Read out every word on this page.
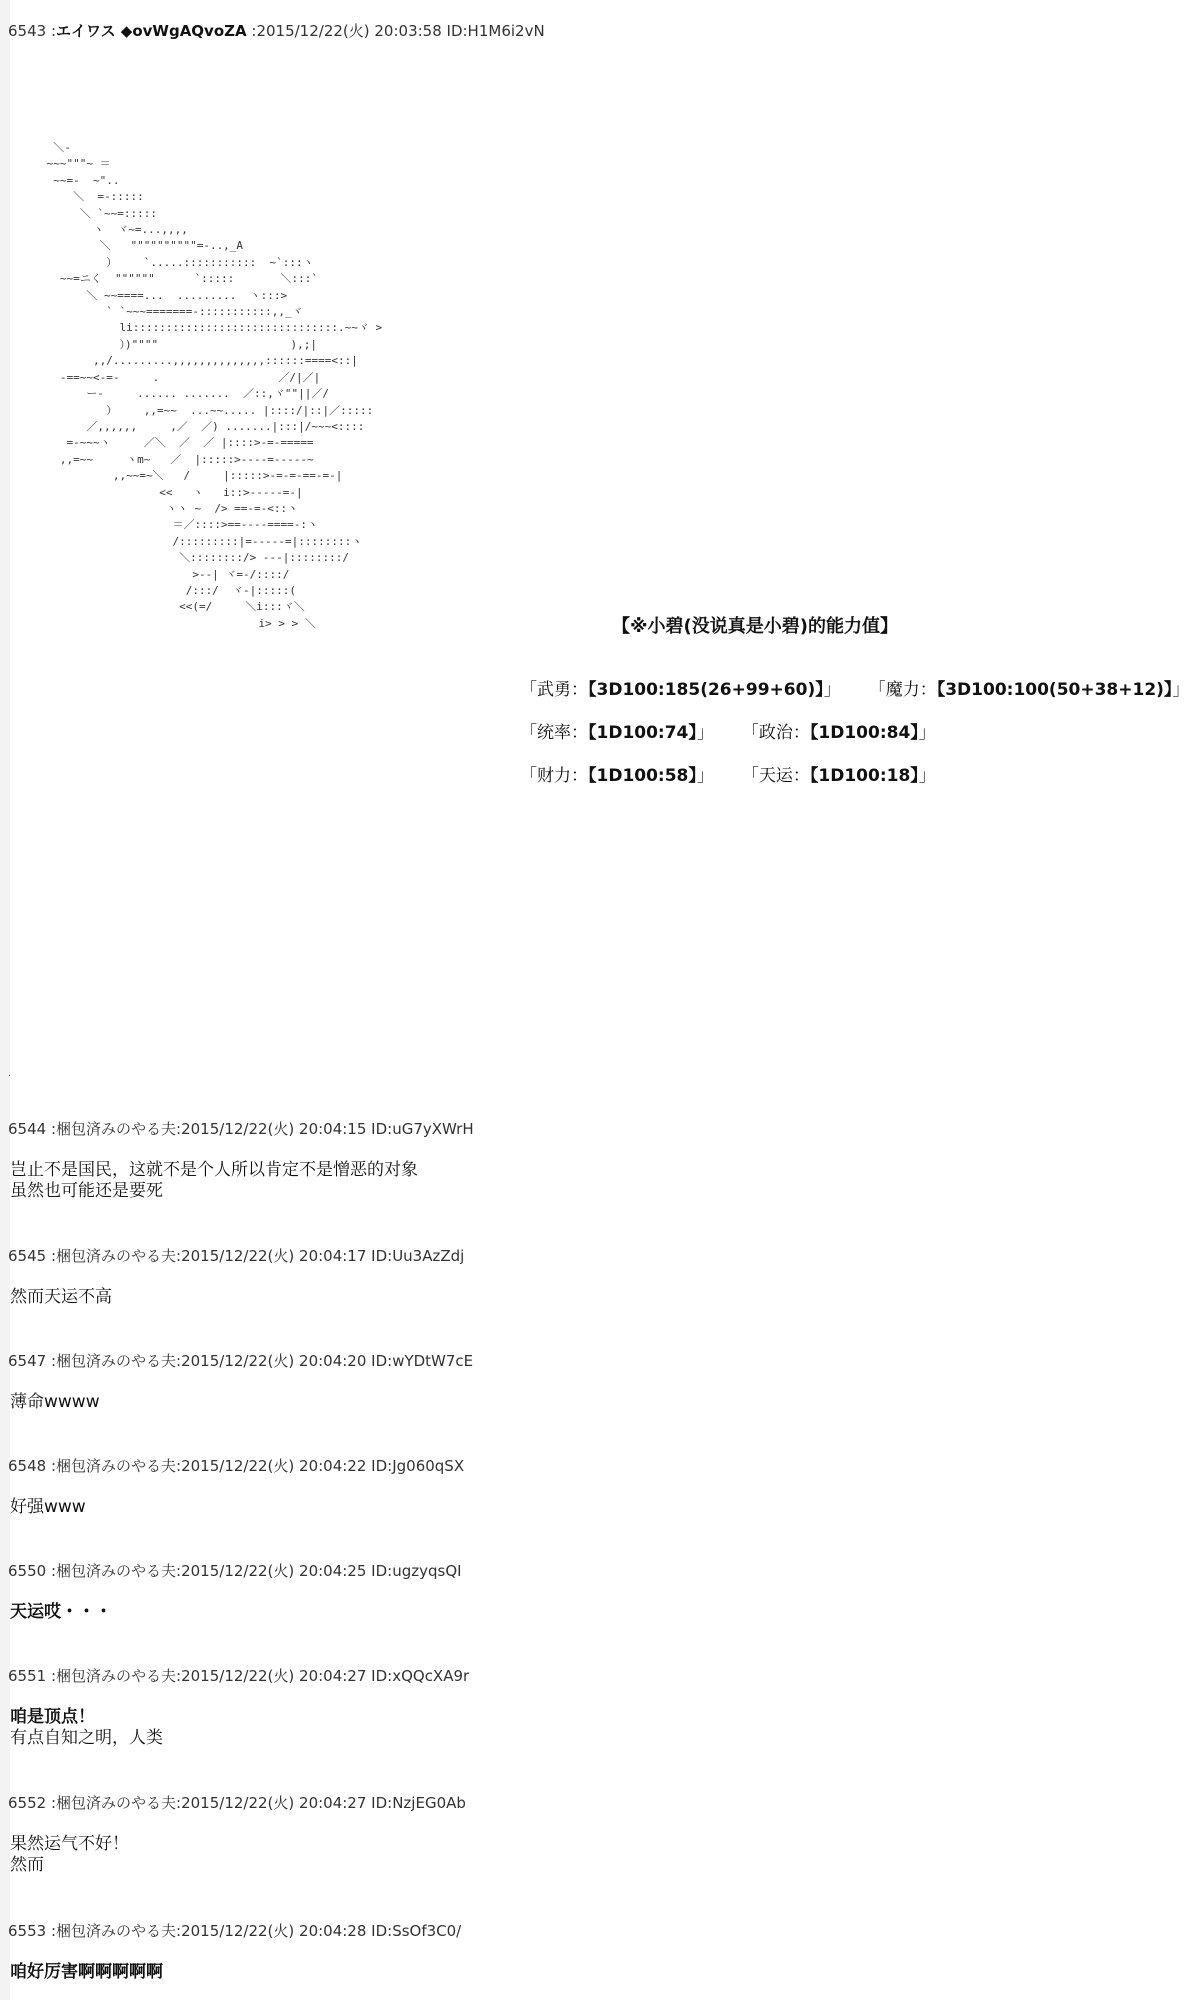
6543 :エイワス ◆ovWgAQvoZA :2015/12/22(火) 20:03:58 ID:H1M6i2vN
＼-
~~~"""~ ＝
~~=-  ~"..
＼  =-:::::
＼ `~~=:::::
ヽ  ヾ~=...,,,,
＼   """"""""""=-..,_A
）    `.....:::::::::::  ~`:::ヽ
~~=ニく  """"""      `:::::       ＼:::`
＼ ~~====...  .........  ヽ:::>
` `~~~=======-:::::::::::,,_ヾ
li:::::::::::::::::::::::::::::::.~~ヾ >
）)""""                    ),;|
,,/.........,,,,,,,,,,,,,,::::::====<::|
-==~~<-=-     .                  ／/|／|
ー‐     ...... .......  ／::,ヾ""||／/
）    ,,=~~  ...~~..... |::::/|::|／:::::
／,,,,,,     ,／  ／) .......|:::|/~~~<::::
=-~~~ヽ     ／＼  ／  ／ |::::>-=-=====
,,=~~     ヽm~   ／  |:::::>----=-----~
,,~~=~＼   /     |:::::>-=-=-==-=-|
<<   ヽ   i::>-----=-|
ヽヽ ~  /> ==-=-<::ヽ
＝／::::>==----====-:ヽ
/:::::::::|=-----=|::::::::ヽ
＼::::::::/> ---|::::::::/
>--| ヾ=-/::::/
/:::/  ヾ‐|:::::(
<<(=/     ＼i:::ヾ＼
i> > > ＼	【※小碧(没说真是小碧)的能力值】
「武勇：【3D100:185(26+99+60)】」 「魔力：【3D100:100(50+38+12)】」
「统率：【1D100:74】」 「政治：【1D100:84】」
「财力：【1D100:58】」 「天运：【1D100:18】」
.
6544 :梱包済みのやる夫:2015/12/22(火) 20:04:15 ID:uG7yXWrH
岂止不是国民，这就不是个人所以肯定不是憎恶的对象
虽然也可能还是要死
6545 :梱包済みのやる夫:2015/12/22(火) 20:04:17 ID:Uu3AzZdj
然而天运不高
6547 :梱包済みのやる夫:2015/12/22(火) 20:04:20 ID:wYDtW7cE
薄命wwww
6548 :梱包済みのやる夫:2015/12/22(火) 20:04:22 ID:Jg060qSX
好强www
6550 :梱包済みのやる夫:2015/12/22(火) 20:04:25 ID:ugzyqsQI
天运哎・・・
6551 :梱包済みのやる夫:2015/12/22(火) 20:04:27 ID:xQQcXA9r
咱是顶点！
有点自知之明，人类
6552 :梱包済みのやる夫:2015/12/22(火) 20:04:27 ID:NzjEG0Ab
果然运气不好！
然而
6553 :梱包済みのやる夫:2015/12/22(火) 20:04:28 ID:SsOf3C0/
咱好厉害啊啊啊啊啊
